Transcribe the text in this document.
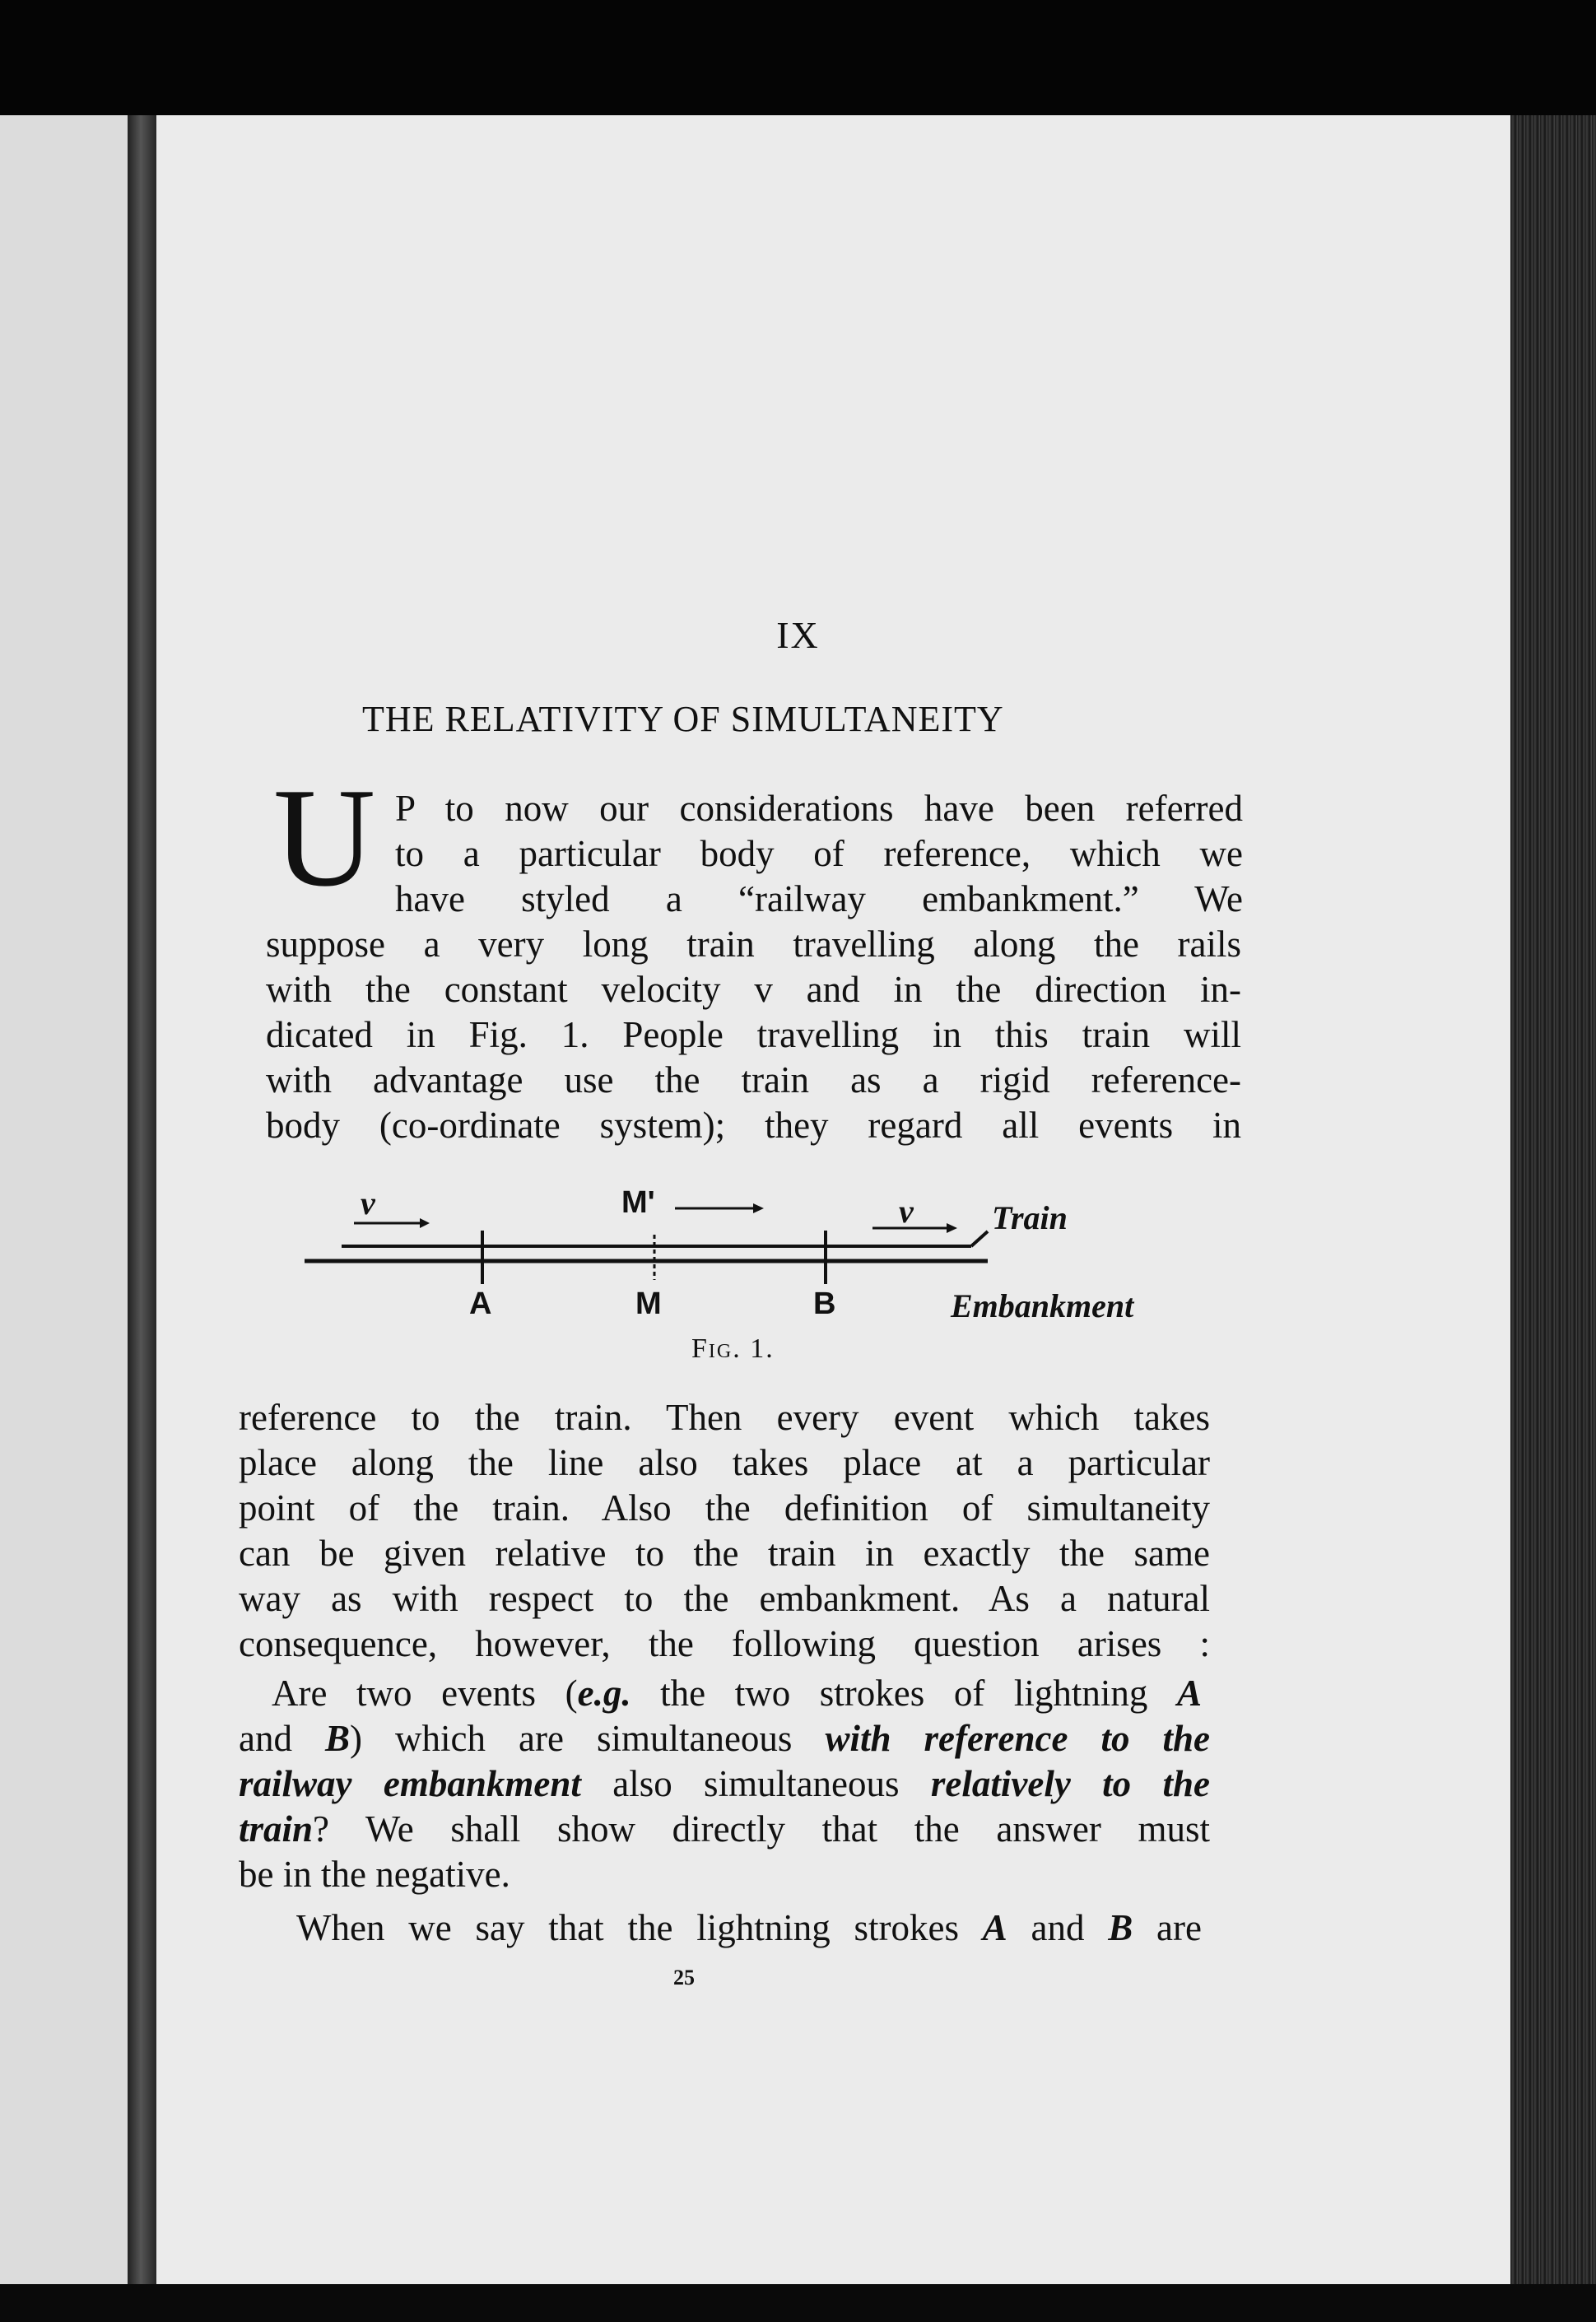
IX
THE RELATIVITY OF SIMULTANEITY
U P to now our considerations have been referred
to a particular body of reference, which we
have styled a “railway embankment.” We
suppose a very long train travelling along the rails
with the constant velocity v and in the direction in-
dicated in Fig. 1. People travelling in this train will
with advantage use the train as a rigid reference-
body (co-ordinate system); they regard all events in
v	M'	v Train
A	M	B	Embankment
Fig. 1.
reference to the train. Then every event which takes
place along the line also takes place at a particular
point of the train. Also the definition of simultaneity
can be given relative to the train in exactly the same
way as with respect to the embankment. As a natural
consequence, however, the following question arises :
Are two events (e.g. the two strokes of lightning A
and B) which are simultaneous with reference to the
railway embankment also simultaneous relatively to the
train? We shall show directly that the answer must
be in the negative.
When we say that the lightning strokes A and B are
25
